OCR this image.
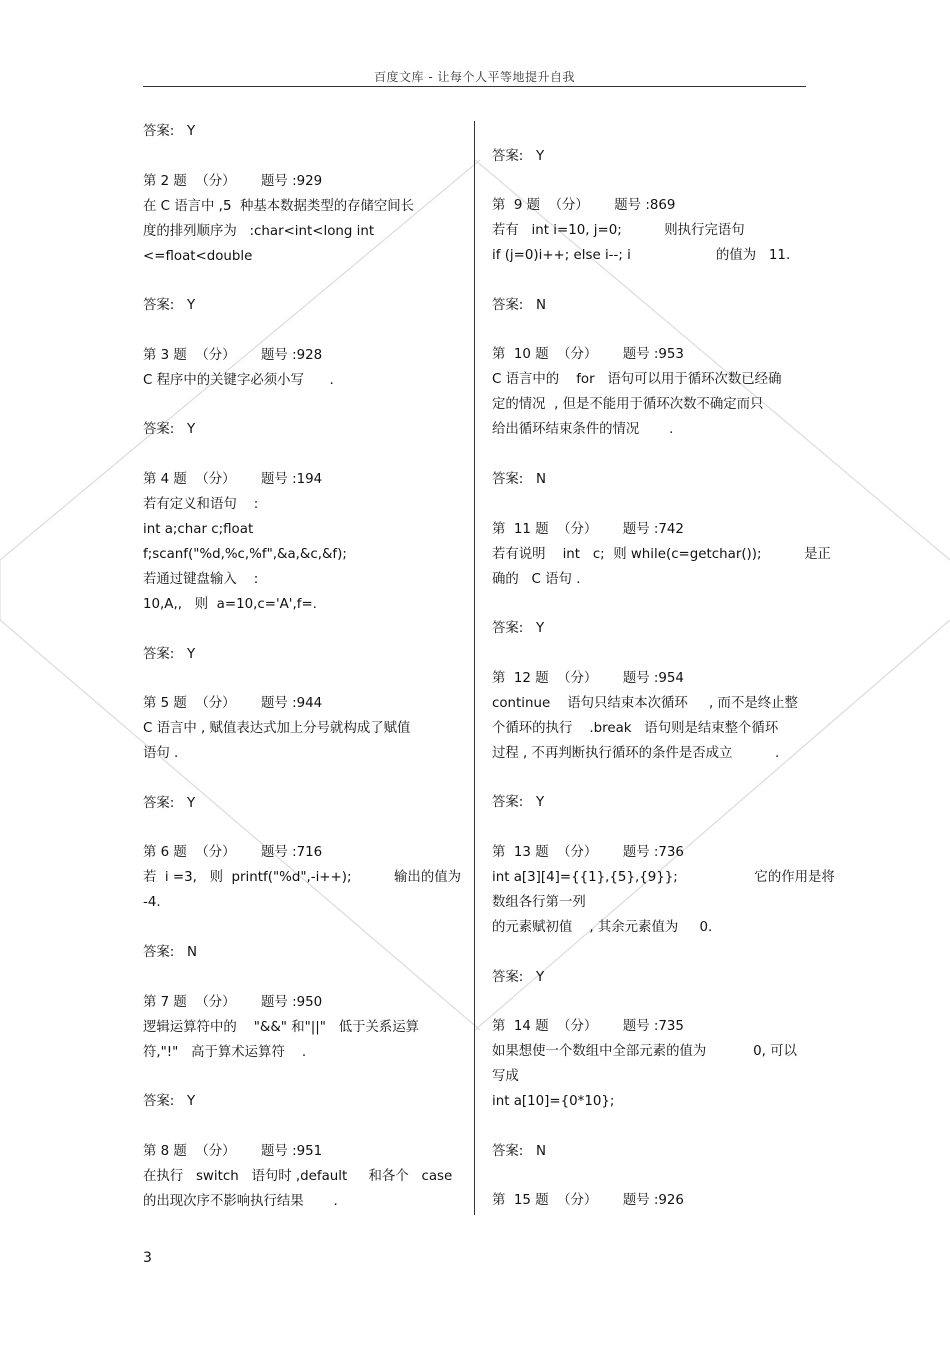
百度文库 - 让每个人平等地提升自我
答案:   Y
第 2 题  （分）      题号 :929
在 C 语言中 ,5  种基本数据类型的存储空间长
度的排列顺序为   :char<int<long int
<=float<double
答案:   Y
第 3 题  （分）      题号 :928
C 程序中的关键字必须小写      .
答案:   Y
第 4 题  （分）      题号 :194
若有定义和语句    :
int a;char c;float
f;scanf("%d,%c,%f",&a,&c,&f);
若通过键盘输入    :
10,A,,   则  a=10,c='A',f=.
答案:   Y
第 5 题  （分）      题号 :944
C 语言中 , 赋值表达式加上分号就构成了赋值
语句 .
答案:   Y
第 6 题  （分）      题号 :716
若  i =3,   则  printf("%d",-i++);          输出的值为
-4.
答案:   N
第 7 题  （分）      题号 :950
逻辑运算符中的    "&&" 和"||"   低于关系运算
符,"!"   高于算术运算符    .
答案:   Y
第 8 题  （分）      题号 :951
在执行   switch   语句时 ,default     和各个   case
的出现次序不影响执行结果       .
答案:   Y
第  9 题  （分）      题号 :869
若有   int i=10, j=0;          则执行完语句
if (j=0)i++; else i--; i                    的值为   11.
答案:   N
第  10 题  （分）      题号 :953
C 语言中的    for   语句可以用于循环次数已经确
定的情况  , 但是不能用于循环次数不确定而只
给出循环结束条件的情况       .
答案:   N
第  11 题  （分）      题号 :742
若有说明    int   c;  则 while(c=getchar());          是正
确的   C 语句 .
答案:   Y
第  12 题  （分）      题号 :954
continue    语句只结束本次循环     , 而不是终止整
个循环的执行    .break   语句则是结束整个循环
过程 , 不再判断执行循环的条件是否成立          .
答案:   Y
第  13 题  （分）      题号 :736
int a[3][4]={{1},{5},{9}};                  它的作用是将
数组各行第一列
的元素赋初值    , 其余元素值为     0.
答案:   Y
第  14 题  （分）      题号 :735
如果想使一个数组中全部元素的值为           0, 可以
写成
int a[10]={0*10};
答案:   N
第  15 题  （分）      题号 :926
3
